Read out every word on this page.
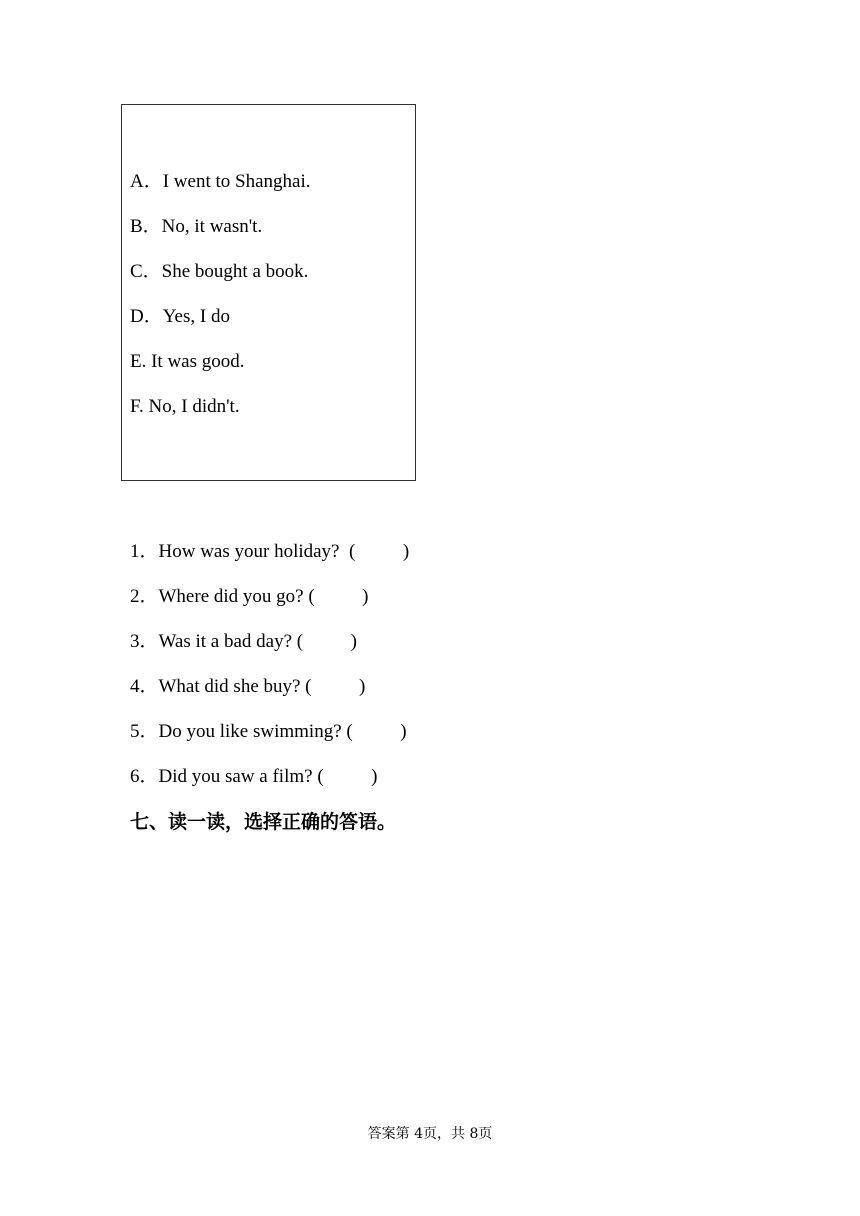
A．I went to Shanghai.
B．No, it wasn't.
C．She bought a book.
D．Yes, I do
E. It was good.
F. No, I didn't.
1．How was your holiday?  (          )
2．Where did you go? (          )
3．Was it a bad day? (          )
4．What did she buy? (          )
5．Do you like swimming? (          )
6．Did you saw a film? (          )
七、读一读，选择正确的答语。
答案第 4页，共 8页
